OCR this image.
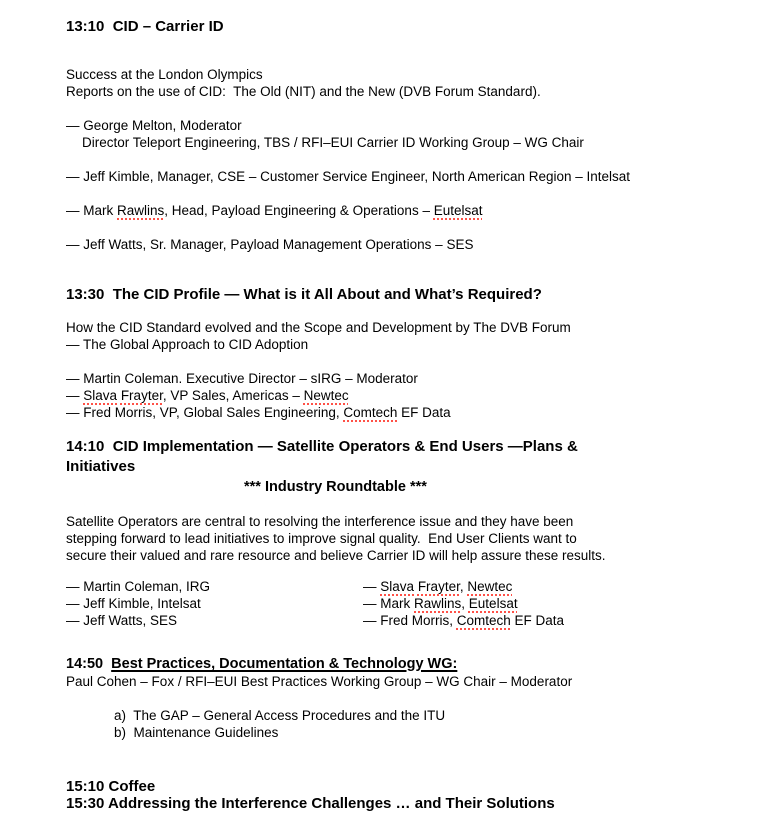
13:10  CID – Carrier ID
Success at the London Olympics
Reports on the use of CID:  The Old (NIT) and the New (DVB Forum Standard).
— George Melton, Moderator
Director Teleport Engineering, TBS / RFI–EUI Carrier ID Working Group – WG Chair
— Jeff Kimble, Manager, CSE – Customer Service Engineer, North American Region – Intelsat
— Mark Rawlins, Head, Payload Engineering & Operations – Eutelsat
— Jeff Watts, Sr. Manager, Payload Management Operations – SES
13:30  The CID Profile — What is it All About and What’s Required?
How the CID Standard evolved and the Scope and Development by The DVB Forum
— The Global Approach to CID Adoption
— Martin Coleman. Executive Director – sIRG – Moderator
— Slava Frayter, VP Sales, Americas – Newtec
— Fred Morris, VP, Global Sales Engineering, Comtech EF Data
14:10  CID Implementation — Satellite Operators & End Users —Plans &
Initiatives
*** Industry Roundtable ***
Satellite Operators are central to resolving the interference issue and they have been
stepping forward to lead initiatives to improve signal quality.  End User Clients want to
secure their valued and rare resource and believe Carrier ID will help assure these results.
— Martin Coleman, IRG	— Slava Frayter, Newtec
— Jeff Kimble, Intelsat	— Mark Rawlins, Eutelsat
— Jeff Watts, SES	— Fred Morris, Comtech EF Data
14:50  Best Practices, Documentation & Technology WG:
Paul Cohen – Fox / RFI–EUI Best Practices Working Group – WG Chair – Moderator
a)  The GAP – General Access Procedures and the ITU
b)  Maintenance Guidelines
15:10 Coffee
15:30 Addressing the Interference Challenges … and Their Solutions
